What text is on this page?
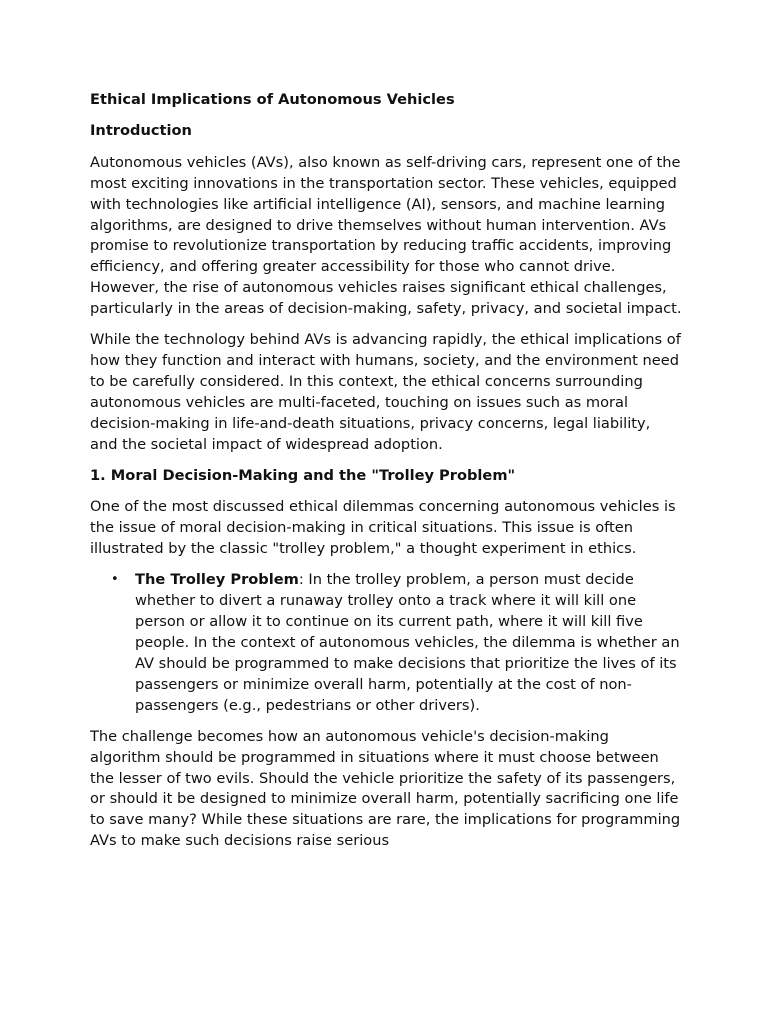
Ethical Implications of Autonomous Vehicles
Introduction

Autonomous vehicles (AVs), also known as self-driving cars, represent one of the most exciting innovations in the transportation sector. These vehicles, equipped with technologies like artificial intelligence (AI), sensors, and machine learning algorithms, are designed to drive themselves without human intervention. AVs promise to revolutionize transportation by reducing traffic accidents, improving efficiency, and offering greater accessibility for those who cannot drive. However, the rise of autonomous vehicles raises significant ethical challenges, particularly in the areas of decision-making, safety, privacy, and societal impact.

While the technology behind AVs is advancing rapidly, the ethical implications of how they function and interact with humans, society, and the environment need to be carefully considered. In this context, the ethical concerns surrounding autonomous vehicles are multi-faceted, touching on issues such as moral decision-making in life-and-death situations, privacy concerns, legal liability, and the societal impact of widespread adoption.

1. Moral Decision-Making and the "Trolley Problem"

One of the most discussed ethical dilemmas concerning autonomous vehicles is the issue of moral decision-making in critical situations. This issue is often illustrated by the classic "trolley problem," a thought experiment in ethics.

• The Trolley Problem: In the trolley problem, a person must decide whether to divert a runaway trolley onto a track where it will kill one person or allow it to continue on its current path, where it will kill five people. In the context of autonomous vehicles, the dilemma is whether an AV should be programmed to make decisions that prioritize the lives of its passengers or minimize overall harm, potentially at the cost of non-passengers (e.g., pedestrians or other drivers).

The challenge becomes how an autonomous vehicle's decision-making algorithm should be programmed in situations where it must choose between the lesser of two evils. Should the vehicle prioritize the safety of its passengers, or should it be designed to minimize overall harm, potentially sacrificing one life to save many? While these situations are rare, the implications for programming AVs to make such decisions raise serious
